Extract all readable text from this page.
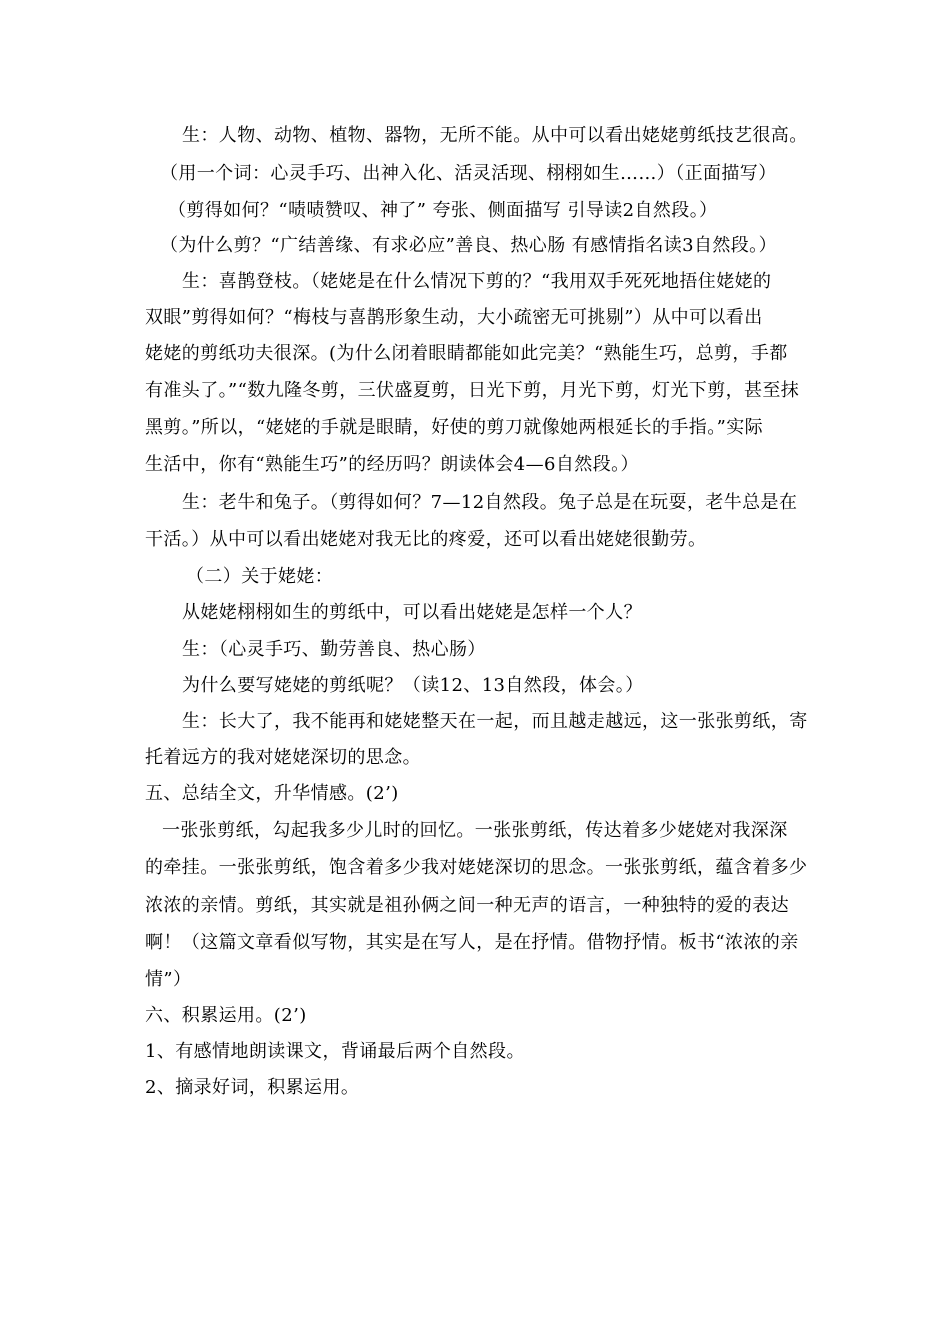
生：人物、动物、植物、器物，无所不能。从中可以看出姥姥剪纸技艺很高。
（用一个词：心灵手巧、出神入化、活灵活现、栩栩如生……）（正面描写）
（剪得如何？“啧啧赞叹、神了” 夸张、侧面描写 引导读2自然段。）
（为什么剪？“广结善缘、有求必应”善良、热心肠 有感情指名读3自然段。）
生：喜鹊登枝。（姥姥是在什么情况下剪的？“我用双手死死地捂住姥姥的
双眼”剪得如何？“梅枝与喜鹊形象生动，大小疏密无可挑剔”）从中可以看出
姥姥的剪纸功夫很深。(为什么闭着眼睛都能如此完美？“熟能生巧，总剪，手都
有准头了。”“数九隆冬剪，三伏盛夏剪，日光下剪，月光下剪，灯光下剪，甚至抹
黑剪。”所以，“姥姥的手就是眼睛，好使的剪刀就像她两根延长的手指。”实际
生活中，你有“熟能生巧”的经历吗？朗读体会4—6自然段。）
生：老牛和兔子。（剪得如何？7—12自然段。兔子总是在玩耍，老牛总是在
干活。）从中可以看出姥姥对我无比的疼爱，还可以看出姥姥很勤劳。
（二）关于姥姥：
从姥姥栩栩如生的剪纸中，可以看出姥姥是怎样一个人？
生：（心灵手巧、勤劳善良、热心肠）
为什么要写姥姥的剪纸呢？（读12、13自然段，体会。）
生：长大了，我不能再和姥姥整天在一起，而且越走越远，这一张张剪纸，寄
托着远方的我对姥姥深切的思念。
五、总结全文，升华情感。(2’)
一张张剪纸，勾起我多少儿时的回忆。一张张剪纸，传达着多少姥姥对我深深
的牵挂。一张张剪纸，饱含着多少我对姥姥深切的思念。一张张剪纸，蕴含着多少
浓浓的亲情。剪纸，其实就是祖孙俩之间一种无声的语言，一种独特的爱的表达
啊！（这篇文章看似写物，其实是在写人，是在抒情。借物抒情。板书“浓浓的亲
情”）
六、积累运用。(2’)
1、有感情地朗读课文，背诵最后两个自然段。
2、摘录好词，积累运用。
